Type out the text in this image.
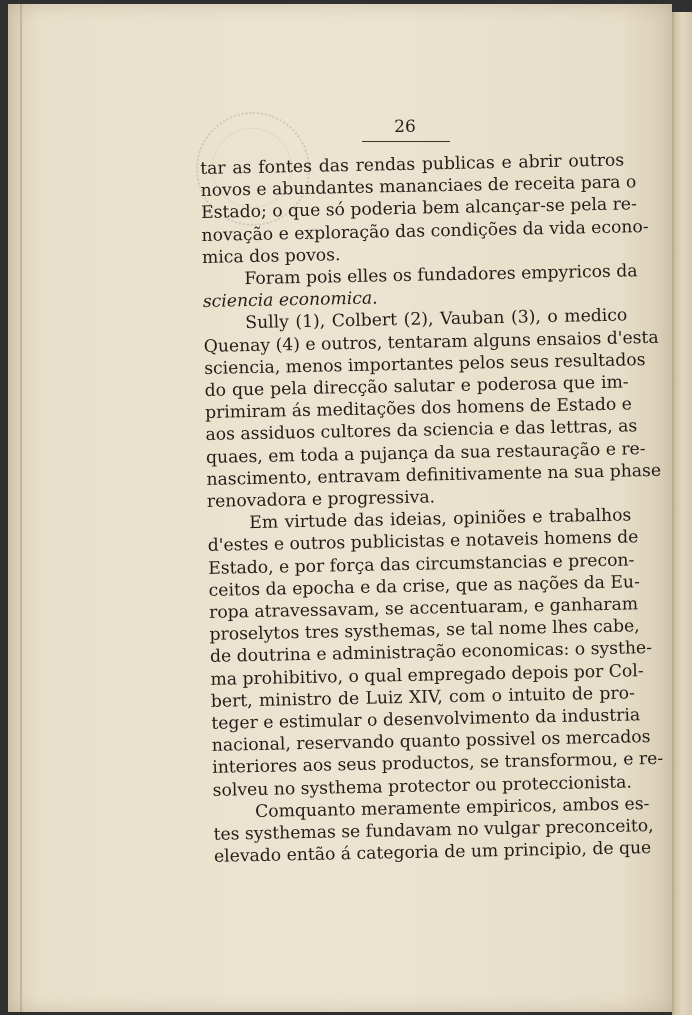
26
tar as fontes das rendas publicas e abrir outros
novos e abundantes mananciaes de receita para o
Estado; o que só poderia bem alcançar-se pela re-
novação e exploração das condições da vida econo-
mica dos povos.
Foram pois elles os fundadores empyricos da
sciencia economica.
Sully (1), Colbert (2), Vauban (3), o medico
Quenay (4) e outros, tentaram alguns ensaios d'esta
sciencia, menos importantes pelos seus resultados
do que pela direcção salutar e poderosa que im-
primiram ás meditações dos homens de Estado e
aos assiduos cultores da sciencia e das lettras, as
quaes, em toda a pujança da sua restauração e re-
nascimento, entravam definitivamente na sua phase
renovadora e progressiva.
Em virtude das ideias, opiniões e trabalhos
d'estes e outros publicistas e notaveis homens de
Estado, e por força das circumstancias e precon-
ceitos da epocha e da crise, que as nações da Eu-
ropa atravessavam, se accentuaram, e ganharam
proselytos tres systhemas, se tal nome lhes cabe,
de doutrina e administração economicas: o systhe-
ma prohibitivo, o qual empregado depois por Col-
bert, ministro de Luiz XIV, com o intuito de pro-
teger e estimular o desenvolvimento da industria
nacional, reservando quanto possivel os mercados
interiores aos seus productos, se transformou, e re-
solveu no systhema protector ou proteccionista.
Comquanto meramente empiricos, ambos es-
tes systhemas se fundavam no vulgar preconceito,
elevado então á categoria de um principio, de que
